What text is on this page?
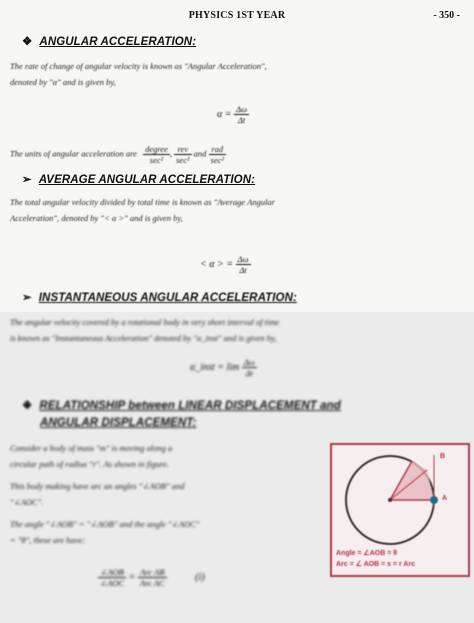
PHYSICS 1ST YEAR	- 350 -
❖ ANGULAR ACCELERATION:
The rate of change of angular velocity is known as "Angular Acceleration",
denoted by "α" and is given by,
$\alpha = \frac{\Delta\omega}{\Delta t}$
The units of angular acceleration are $\frac{\text{degree}}{\text{sec²}}$ , $\frac{\text{rev}}{\text{sec²}}$ and $\frac{\text{rad}}{\text{sec²}}$
➢ AVERAGE ANGULAR ACCELERATION:
The total angular velocity divided by total time is known as "Average Angular
Acceleration", denoted by "< α >" and is given by,
< α > = $\frac{\Delta\omega}{\Delta t}$
➢ INSTANTANEOUS ANGULAR ACCELERATION:
The angular velocity covered by a rotational body in very short interval of time
is known as "Instantaneous Acceleration" denoted by "α_inst" and is given by,
α_inst = $\lim \frac{\Delta\omega}{\Delta t}$
❖ RELATIONSHIP between LINEAR DISPLACEMENT and
ANGULAR DISPLACEMENT:
Consider a body of mass "m" is moving along a
circular path of radius "r". As shown in figure.
This body making have arc an angles "∠AOB" and
"∠AOC".
The angle "∠AOB" = "∠AOB" and the angle "∠AOC"
= "θ", these are have:
$\frac{\text{∠AOB}}{\text{∠AOC}} = \frac{\text{Arc AB}}{\text{Arc AC}}$	(i)
B
A
Angle = ∠AOB = θ
Arc = ∠ AOB = s = r Arc
